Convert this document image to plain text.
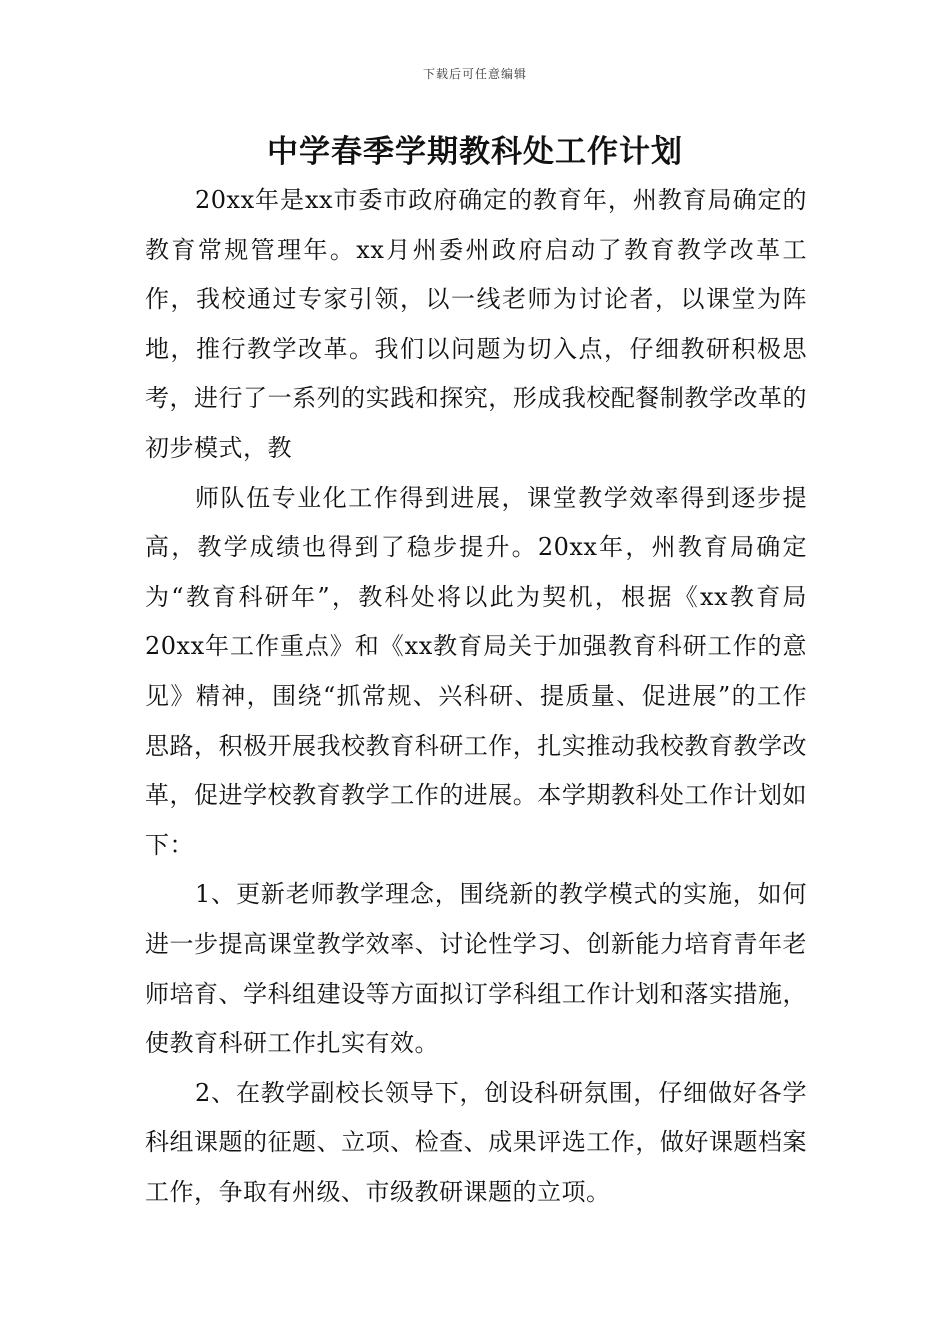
下载后可任意编辑
中学春季学期教科处工作计划

20xx年是xx市委市政府确定的教育年，州教育局确定的教育常规管理年。xx月州委州政府启动了教育教学改革工作，我校通过专家引领，以一线老师为讨论者，以课堂为阵地，推行教学改革。我们以问题为切入点，仔细教研积极思考，进行了一系列的实践和探究，形成我校配餐制教学改革的初步模式，教

师队伍专业化工作得到进展，课堂教学效率得到逐步提高，教学成绩也得到了稳步提升。20xx年，州教育局确定为“教育科研年”，教科处将以此为契机，根据《xx教育局20xx年工作重点》和《xx教育局关于加强教育科研工作的意见》精神，围绕“抓常规、兴科研、提质量、促进展”的工作思路，积极开展我校教育科研工作，扎实推动我校教育教学改革，促进学校教育教学工作的进展。本学期教科处工作计划如下：

1、更新老师教学理念，围绕新的教学模式的实施，如何进一步提高课堂教学效率、讨论性学习、创新能力培育青年老师培育、学科组建设等方面拟订学科组工作计划和落实措施，使教育科研工作扎实有效。

2、在教学副校长领导下，创设科研氛围，仔细做好各学科组课题的征题、立项、检查、成果评选工作，做好课题档案工作，争取有州级、市级教研课题的立项。
